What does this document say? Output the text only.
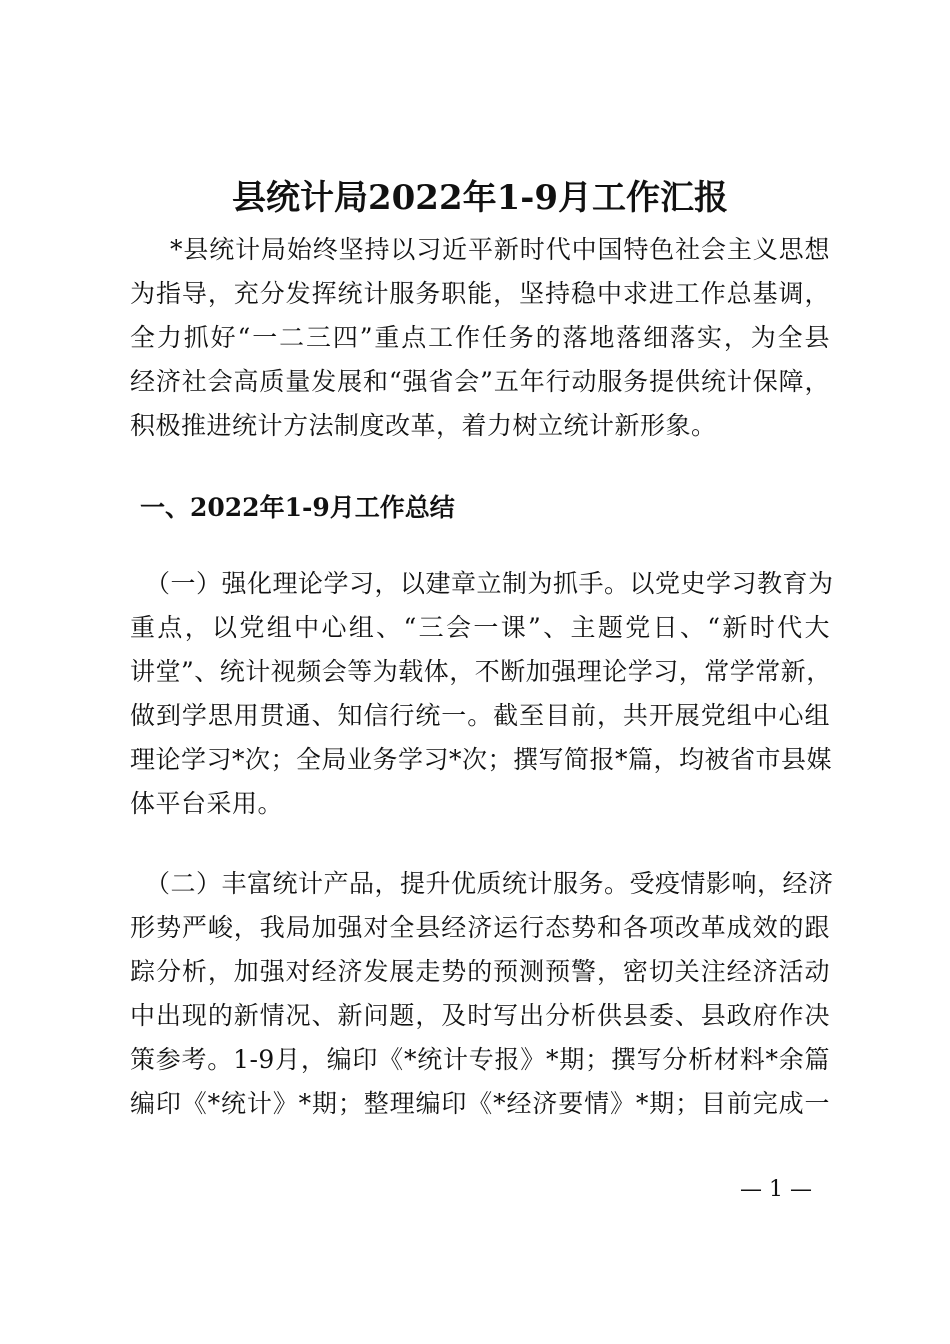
县统计局2022年1-9月工作汇报
*县统计局始终坚持以习近平新时代中国特色社会主义思想
为指导，充分发挥统计服务职能，坚持稳中求进工作总基调，
全力抓好“一二三四”重点工作任务的落地落细落实，为全县
经济社会高质量发展和“强省会”五年行动服务提供统计保障，
积极推进统计方法制度改革，着力树立统计新形象。
一、2022年1-9月工作总结
（一）强化理论学习，以建章立制为抓手。以党史学习教育为
重点，以党组中心组、“三会一课”、主题党日、“新时代大
讲堂”、统计视频会等为载体，不断加强理论学习，常学常新，
做到学思用贯通、知信行统一。截至目前，共开展党组中心组
理论学习*次；全局业务学习*次；撰写简报*篇，均被省市县媒
体平台采用。
（二）丰富统计产品，提升优质统计服务。受疫情影响，经济
形势严峻，我局加强对全县经济运行态势和各项改革成效的跟
踪分析，加强对经济发展走势的预测预警，密切关注经济活动
中出现的新情况、新问题，及时写出分析供县委、县政府作决
策参考。1-9月，编印《*统计专报》*期；撰写分析材料*余篇
编印《*统计》*期；整理编印《*经济要情》*期；目前完成一
— 1 —
